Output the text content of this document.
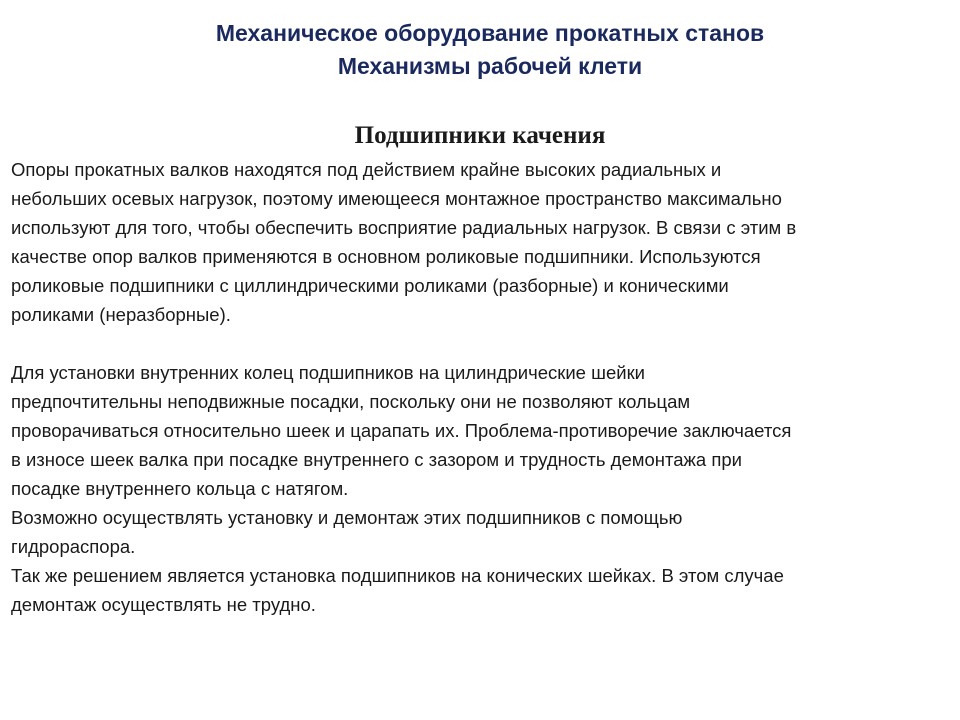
Механическое оборудование прокатных станов
Механизмы рабочей клети
Подшипники качения
Опоры прокатных валков находятся под действием крайне высоких радиальных и
небольших осевых нагрузок, поэтому имеющееся монтажное пространство максимально
используют для того, чтобы обеспечить восприятие радиальных нагрузок. В связи с этим в
качестве опор валков применяются в основном роликовые подшипники. Используются
роликовые подшипники с циллиндрическими роликами (разборные) и коническими
роликами (неразборные).
Для установки внутренних колец подшипников на цилиндрические шейки
предпочтительны неподвижные посадки, поскольку они не позволяют кольцам
проворачиваться относительно шеек и царапать их. Проблема-противоречие заключается
в износе шеек валка при посадке внутреннего с зазором и трудность демонтажа при
посадке внутреннего кольца с натягом.
Возможно осуществлять установку и демонтаж этих подшипников с помощью
гидрораспора.
Так же решением является установка подшипников на конических шейках. В этом случае
демонтаж осуществлять не трудно.
